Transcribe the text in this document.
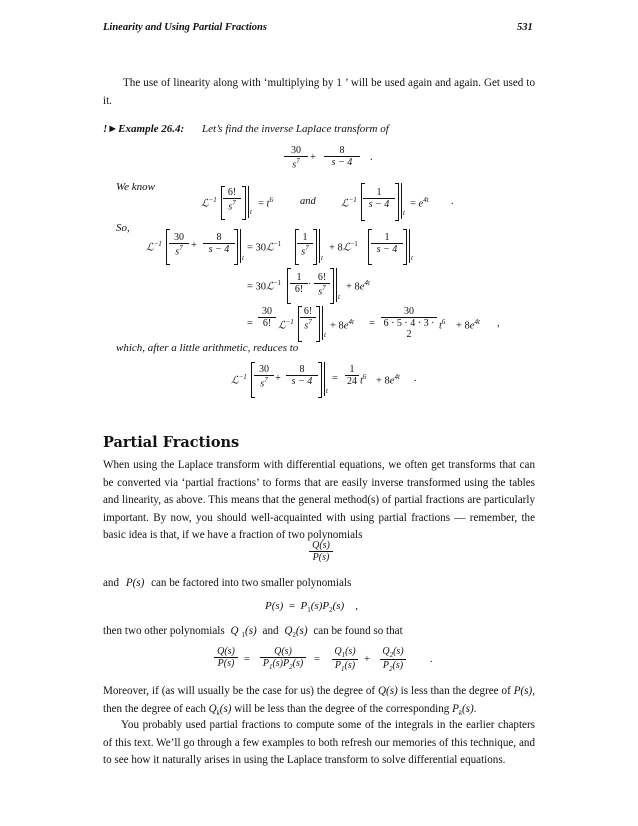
Linearity and Using Partial Fractions	531
The use of linearity along with ‘multiplying by 1 ’ will be used again and again. Get used to it.
!►Example 26.4: Let’s find the inverse Laplace transform of
$\frac{30}{s^7} + \frac{8}{s - 4}$ .
We know
ℒ$^{-1}$ $\frac{6!}{s^7}$ t
= $t^6$	and ℒ$^{-1}$ $\frac{1}{s - 4}$
t
= $e^{4t}$ .
So,
ℒ$^{-1}$ $\frac{30}{s^7} + \frac{8}{s - 4}$
t
= 30ℒ$^{-1}$ $\frac{1}{s^7}$
t
+ 8ℒ$^{-1}$ $\frac{1}{s - 4}$
t
= 30ℒ$^{-1}$ $\frac{1}{6!} \cdot \frac{6!}{s^7}$ t
+ $8e^{4t}$
= $\frac{30}{6!}$ ℒ$^{-1}$ $\frac{6!}{s^7}$
t
+ $8e^{4t} = \frac{30}{6 \cdot 5 \cdot 4 \cdot 3 \cdot 2} t^6 + 8e^{4t}$ ,
which, after a little arithmetic, reduces to
ℒ$^{-1}$ $\frac{30}{s^7} + \frac{8}{s - 4}$
t
= $\frac{1}{24} t^6 + 8e^{4t}$ .
Partial Fractions
When using the Laplace transform with differential equations, we often get transforms that can be converted via ‘partial fractions’ to forms that are easily inverse transformed using the tables and linearity, as above. This means that the general method(s) of partial fractions are particularly important. By now, you should well-acquainted with using partial fractions — remember, the basic idea is that, if we have a fraction of two polynomials
$\frac{Q(s)}{P(s)}$
and P(s) can be factored into two smaller polynomials
$P(s) = P_1(s)P_2(s)$    ,
then two other polynomials Q $_1$(s) and $Q_2(s)$ can be found so that
$\frac{Q(s)}{P(s)} = \frac{Q(s)}{P_1(s)P_2(s)} = \frac{Q_1(s)}{P_1(s)} + \frac{Q_2(s)}{P_2(s)}$ .
Moreover, if (as will usually be the case for us) the degree of Q(s) is less than the degree of P(s), then the degree of each $Q_k(s)$ will be less than the degree of the corresponding $P_k(s)$.
You probably used partial fractions to compute some of the integrals in the earlier chapters of this text. We’ll go through a few examples to both refresh our memories of this technique, and to see how it naturally arises in using the Laplace transform to solve differential equations.
